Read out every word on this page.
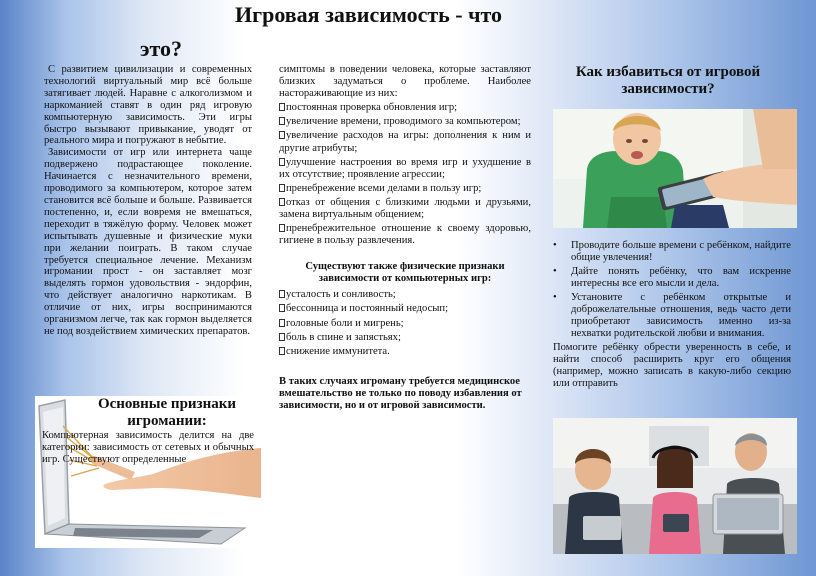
Игровая зависимость - что
это?

С развитием цивилизации и современных технологий виртуальный мир всё больше затягивает людей. Наравне с алкоголизмом и наркоманией ставят в один ряд игровую компьютерную зависимость. Эти игры быстро вызывают привыкание, уводят от реального мира и погружают в небытие.

Зависимости от игр или интернета чаще подвержено подрастающее поколение. Начинается с незначительного времени, проводимого за компьютером, которое затем становится всё больше и больше. Развивается постепенно, и, если вовремя не вмешаться, переходит в тяжёлую форму. Человек может испытывать душевные и физические муки при желании поиграть. В таком случае требуется специальное лечение. Механизм игромании прост - он заставляет мозг выделять гормон удовольствия - эндорфин, что действует аналогично наркотикам. В отличие от них, игры воспринимаются организмом легче, так как гормон выделяется не под воздействием химических препаратов.

Основные признаки игромании:
Компьютерная зависимость делится на две категории: зависимость от сетевых и обычных игр. Существуют определенные

симптомы в поведении человека, которые заставляют близких задуматься о проблеме. Наиболее настораживающие из них:

постоянная проверка обновления игр;
увеличение времени, проводимого за компьютером;
увеличение расходов на игры: дополнения к ним и другие атрибуты;
улучшение настроения во время игр и ухудшение в их отсутствие; проявление агрессии;
пренебрежение всеми делами в пользу игр;
отказ от общения с близкими людьми и друзьями, замена виртуальным общением;
пренебрежительное отношение к своему здоровью, гигиене в пользу развлечения.
Существуют также физические признаки зависимости от компьютерных игр:
усталость и сонливость;
бессонница и постоянный недосып;
головные боли и мигрень;
боль в спине и запястьях;
снижение иммунитета.

В таких случаях игроману требуется медицинское вмешательство не только по поводу избавления от зависимости, но и от игровой зависимости.

Как избавиться от игровой зависимости?
• Проводите больше времени с ребёнком, найдите общие увлечения!
• Дайте понять ребёнку, что вам искренне интересны все его мысли и дела.
• Установите с ребёнком открытые и доброжелательные отношения, ведь часто дети приобретают зависимость именно из-за нехватки родительской любви и внимания.

Помогите ребёнку обрести уверенность в себе, и найти способ расширить круг его общения (например, можно записать в какую-либо секцию или отправить
